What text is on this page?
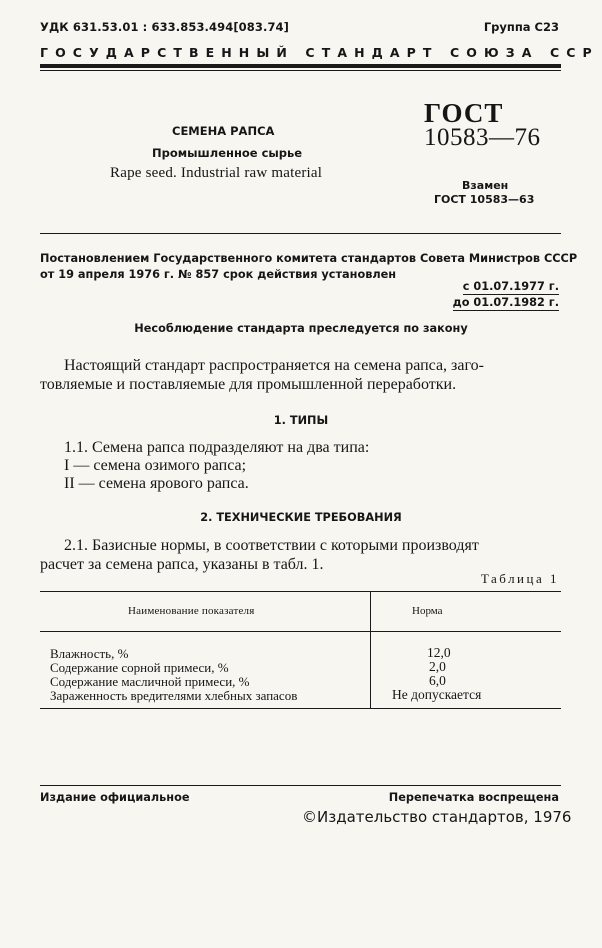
УДК 631.53.01 : 633.853.494[083.74]	Группа С23
ГОСУДАРСТВЕННЫЙ СТАНДАРТ СОЮЗА ССР
ГОСТ
10583—76
СЕМЕНА РАПСА
Промышленное сырье
Rape seed. Industrial raw material
Взамен
ГОСТ 10583—63
Постановлением Государственного комитета стандартов Совета Министров СССР
от 19 апреля 1976 г. № 857 срок действия установлен
с 01.07.1977 г.
до 01.07.1982 г.
Несоблюдение стандарта преследуется по закону
Настоящий стандарт распространяется на семена рапса, заго-
товляемые и поставляемые для промышленной переработки.
1. ТИПЫ
1.1. Семена рапса подразделяют на два типа:
I — семена озимого рапса;
II — семена ярового рапса.
2. ТЕХНИЧЕСКИЕ ТРЕБОВАНИЯ
2.1. Базисные нормы, в соответствии с которыми производят
расчет за семена рапса, указаны в табл. 1.
Таблица 1
Наименование показателя	Норма
Влажность, %	12,0
Содержание сорной примеси, %	2,0
Содержание масличной примеси, %	6,0
Зараженность вредителями хлебных запасов	Не допускается
Издание официальное	Перепечатка воспрещена
©Издательство стандартов, 1976
